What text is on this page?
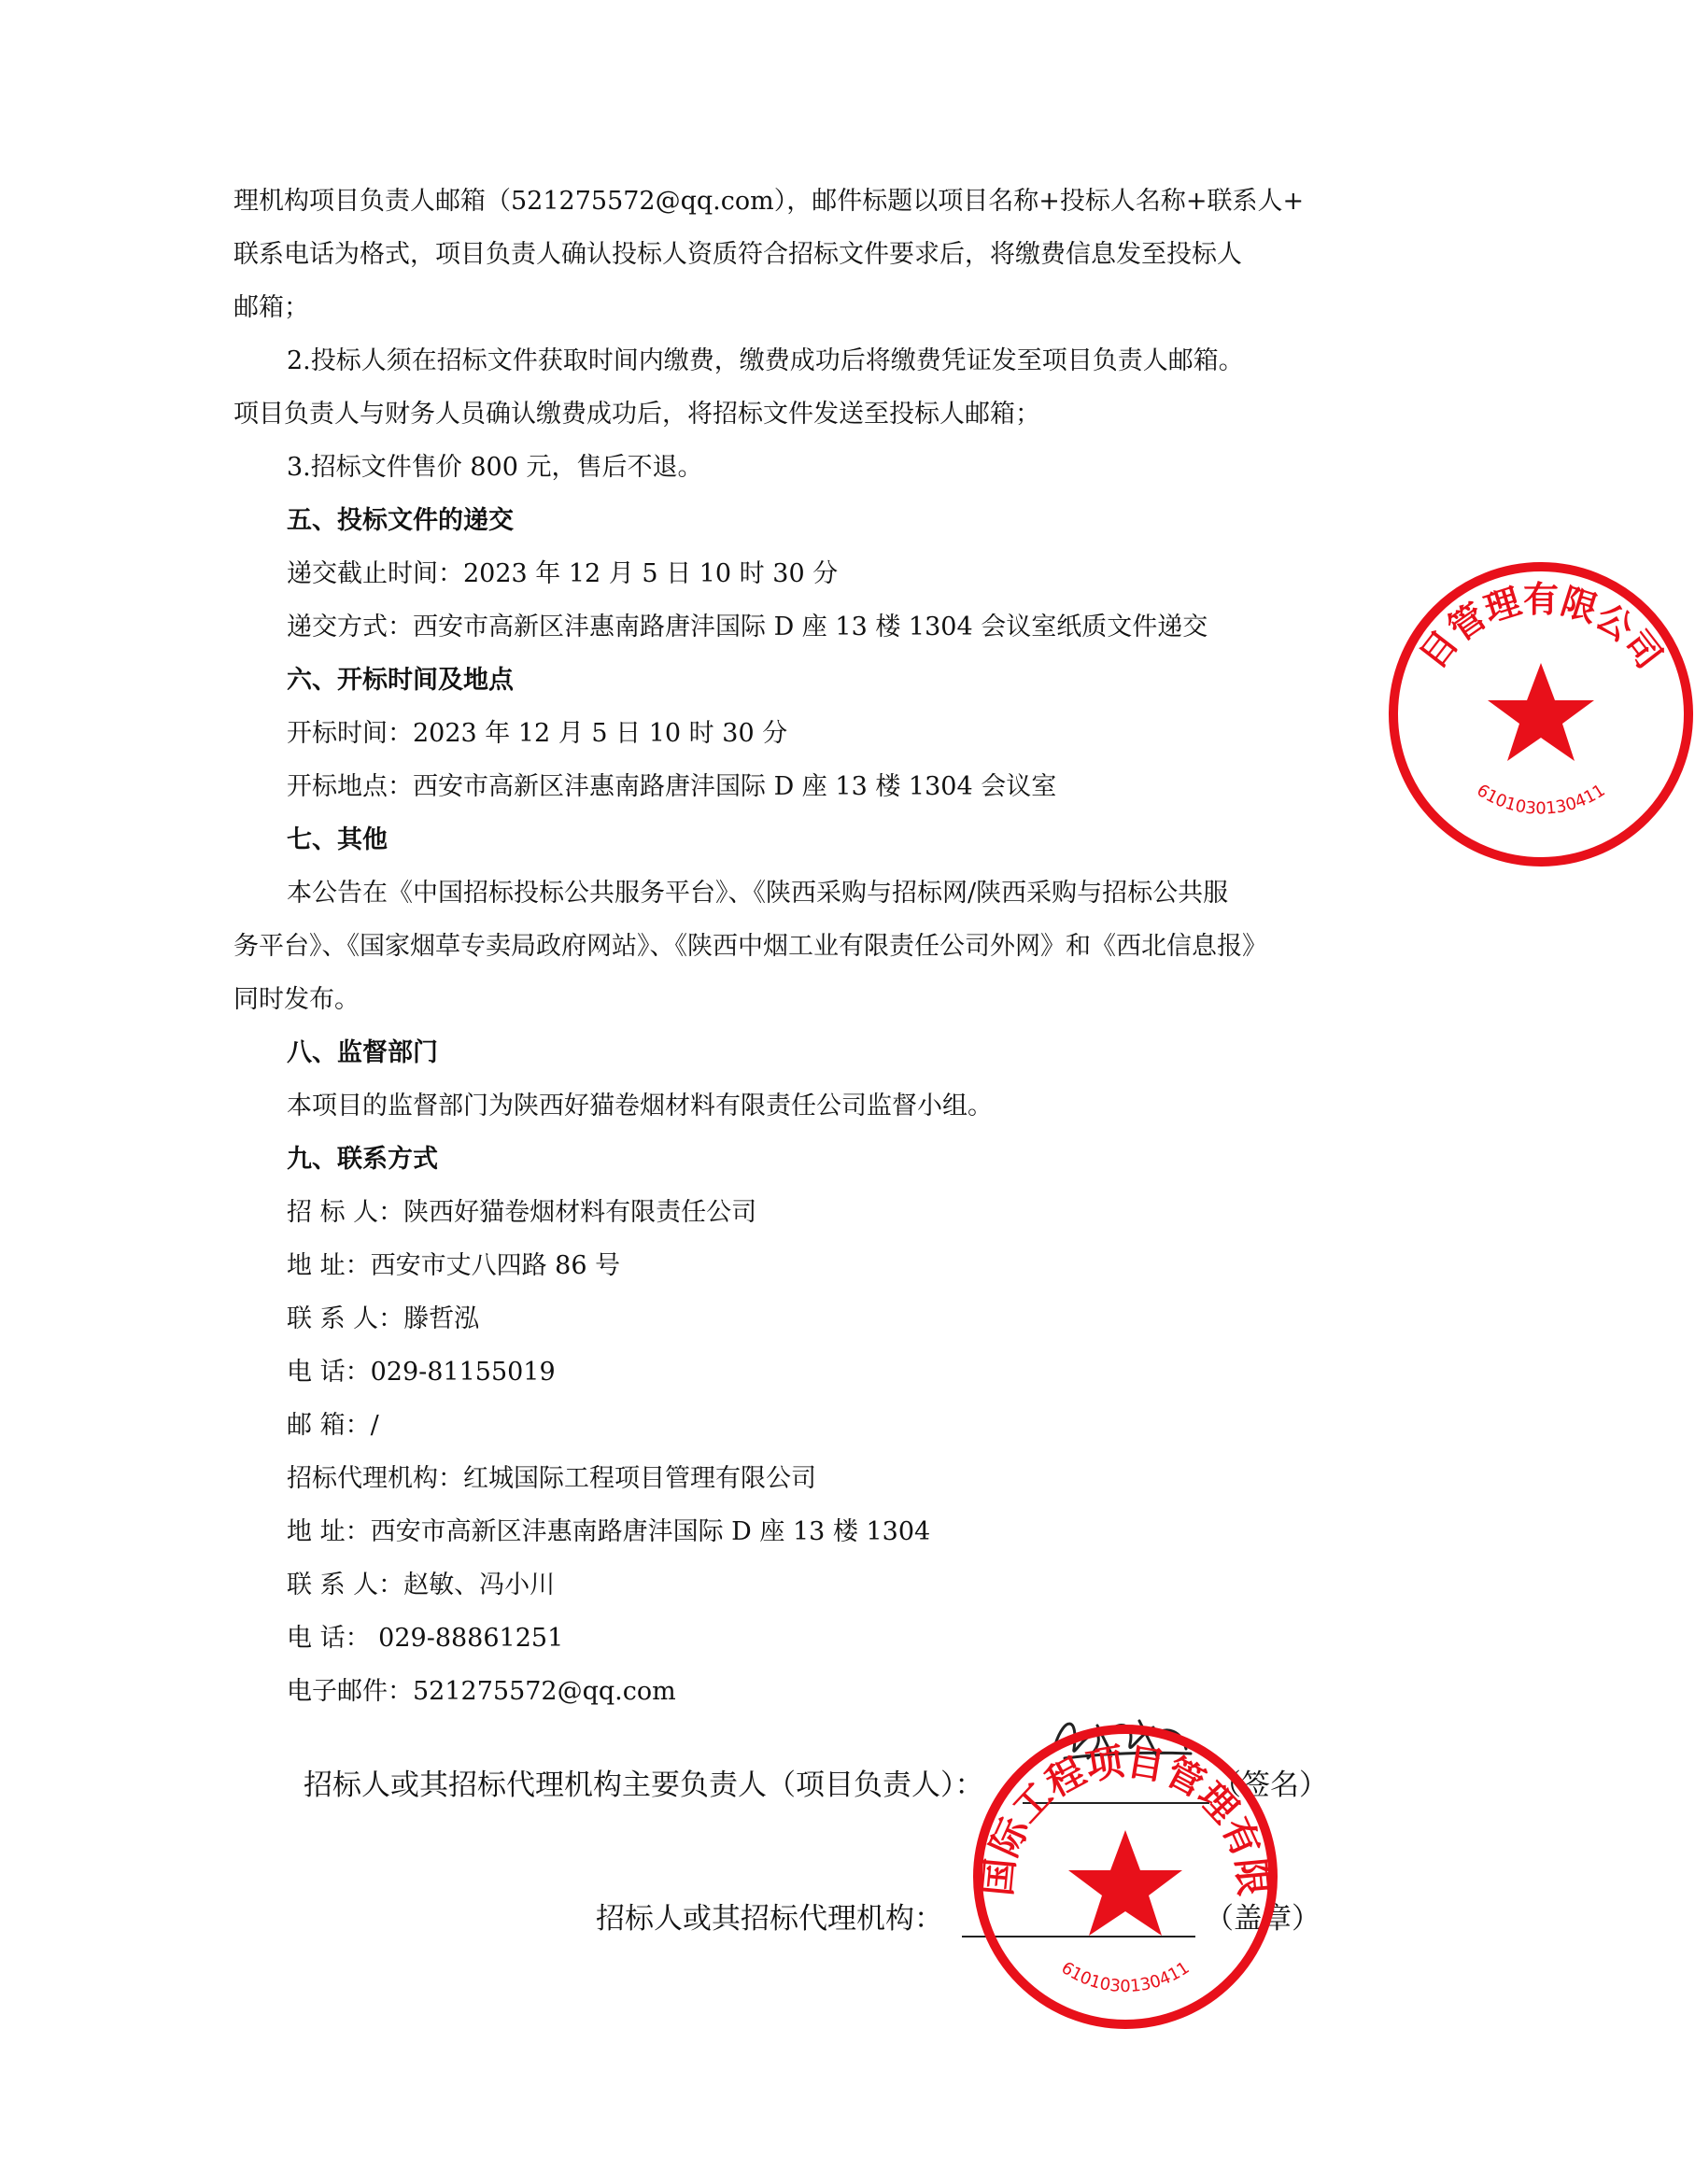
理机构项目负责人邮箱（521275572@qq.com），邮件标题以项目名称+投标人名称+联系人+
联系电话为格式，项目负责人确认投标人资质符合招标文件要求后，将缴费信息发至投标人
邮箱；
2.投标人须在招标文件获取时间内缴费，缴费成功后将缴费凭证发至项目负责人邮箱。
项目负责人与财务人员确认缴费成功后，将招标文件发送至投标人邮箱；
3.招标文件售价 800 元，售后不退。
五、投标文件的递交
递交截止时间：2023 年 12 月 5 日 10 时 30 分
递交方式：西安市高新区沣惠南路唐沣国际 D 座 13 楼 1304 会议室纸质文件递交
六、开标时间及地点
开标时间：2023 年 12 月 5 日 10 时 30 分
开标地点：西安市高新区沣惠南路唐沣国际 D 座 13 楼 1304 会议室
七、其他
本公告在《中国招标投标公共服务平台》、《陕西采购与招标网/陕西采购与招标公共服
务平台》、《国家烟草专卖局政府网站》、《陕西中烟工业有限责任公司外网》和《西北信息报》
同时发布。
八、监督部门
本项目的监督部门为陕西好猫卷烟材料有限责任公司监督小组。
九、联系方式
招 标 人：陕西好猫卷烟材料有限责任公司
地 址：西安市丈八四路 86 号
联 系 人：滕哲泓
电 话：029-81155019
邮 箱：/
招标代理机构：红城国际工程项目管理有限公司
地 址：西安市高新区沣惠南路唐沣国际 D 座 13 楼 1304
联 系 人：赵敏、冯小川
电 话： 029-88861251
电子邮件：521275572@qq.com
招标人或其招标代理机构主要负责人（项目负责人）：	（签名）
招标人或其招标代理机构：	（盖章）
目管理有限公司
6101030130411
国际工程项目管理有限
6101030130411
